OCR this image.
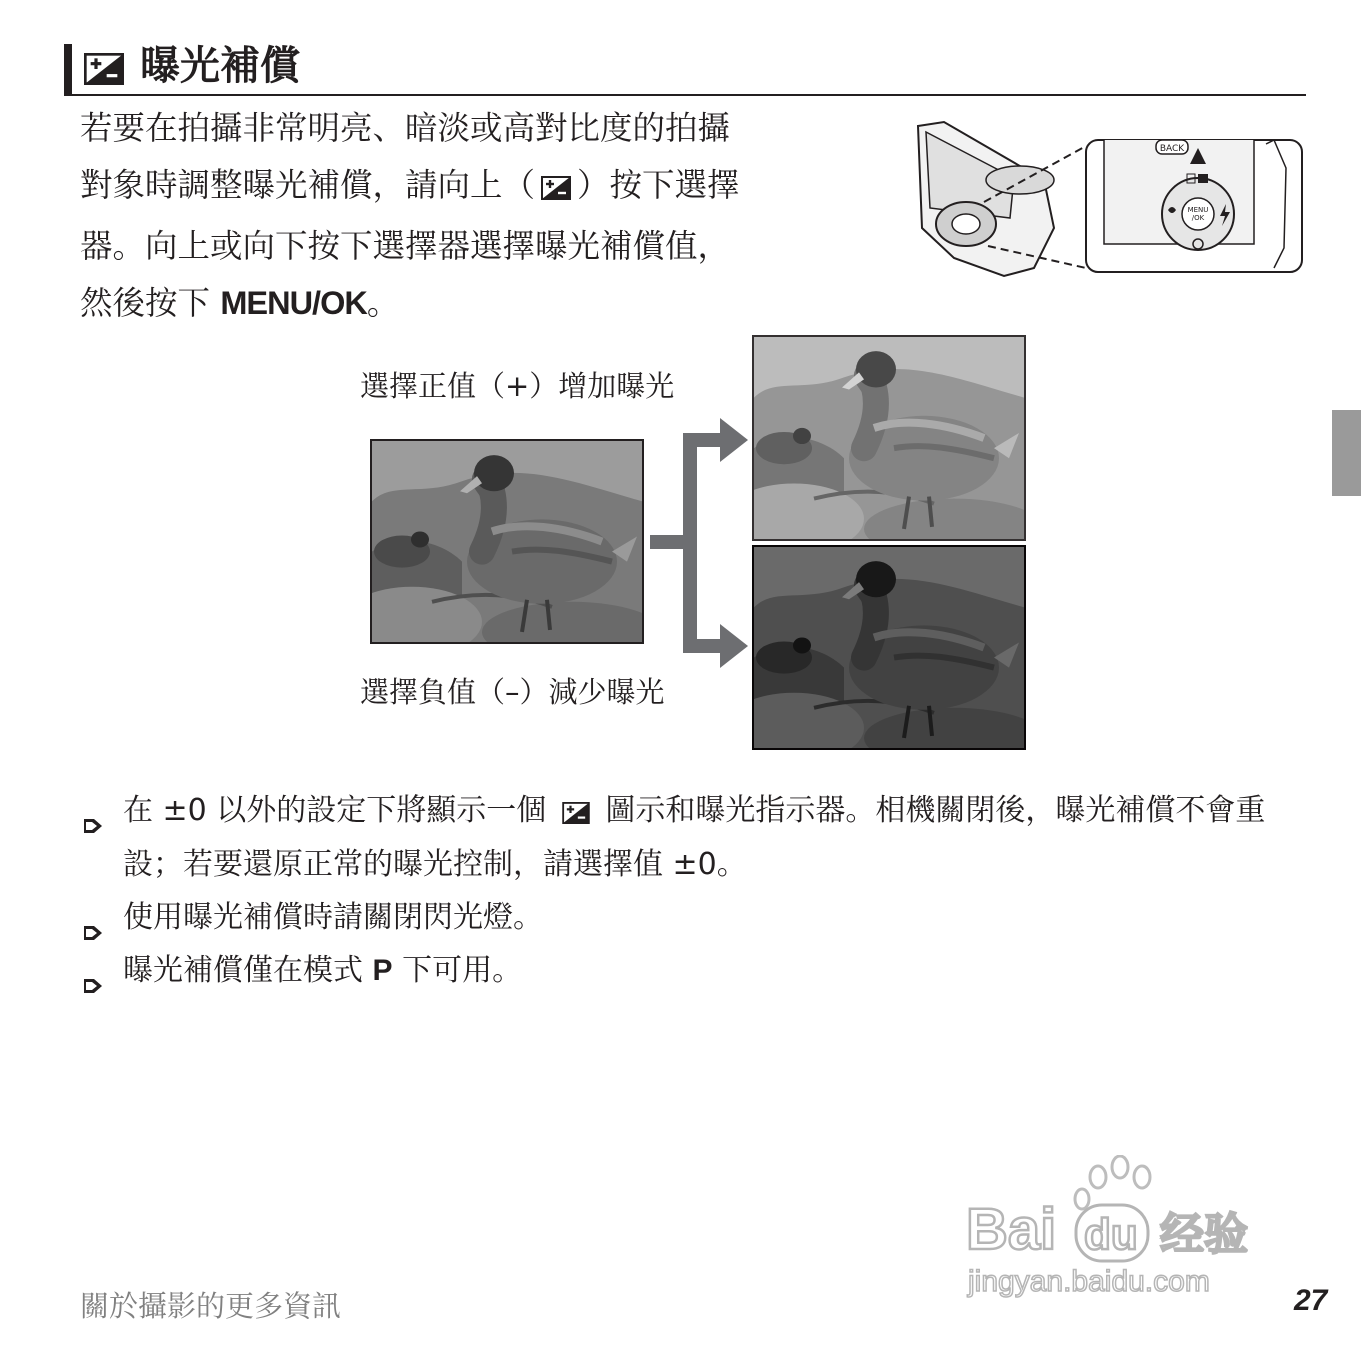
曝光補償
若要在拍攝非常明亮、暗淡或高對比度的拍攝
對象時調整曝光補償，請向上（ ）按下選擇
器。向上或向下按下選擇器選擇曝光補償值，
然後按下 MENU/OK。
BACK
MENU
/OK
選擇正值（+）增加曝光
選擇負值（–）減少曝光
在 ±0 以外的設定下將顯示一個  圖示和曝光指示器。相機關閉後，曝光補償不會重設；若要還原正常的曝光控制，請選擇值 ±0。
使用曝光補償時請關閉閃光燈。
曝光補償僅在模式 P 下可用。
Bai du 经验
jingyan.baidu.com
關於攝影的更多資訊	27
